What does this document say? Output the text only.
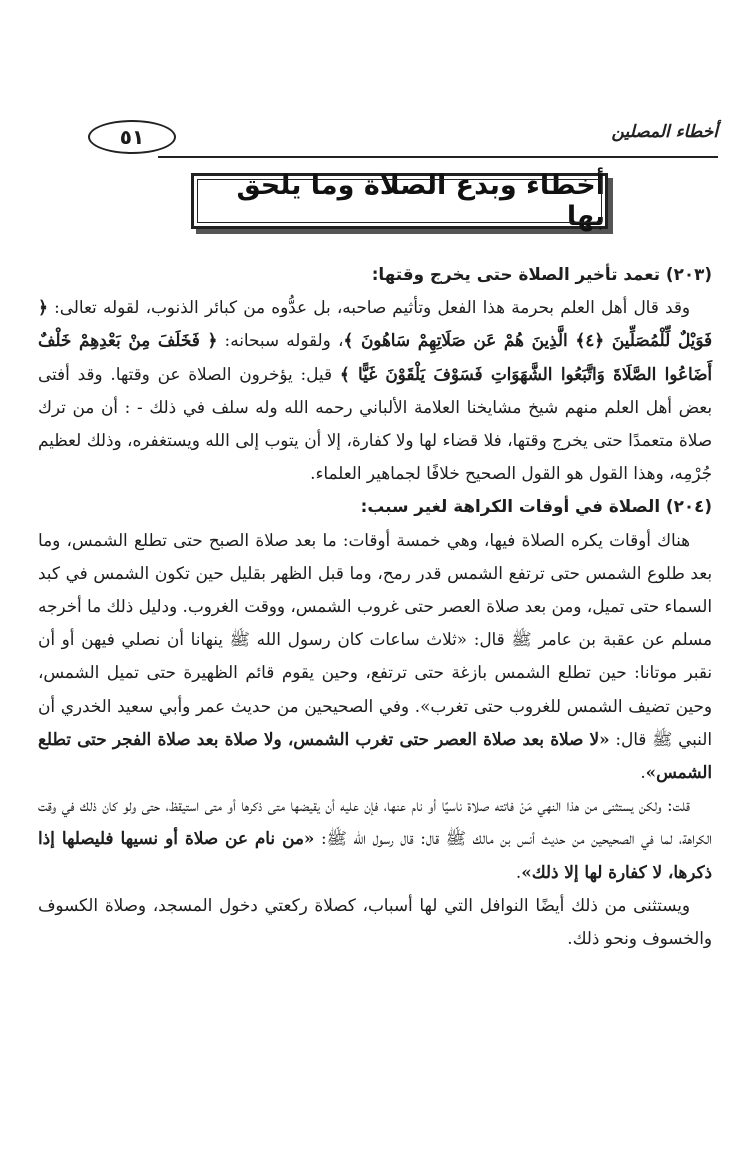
٥١	أخطاء المصلين
أخطاء وبدع الصلاة وما يلحق بها
(٢٠٣) تعمد تأخير الصلاة حتى يخرج وقتها:

وقد قال أهل العلم بحرمة هذا الفعل وتأثيم صاحبه، بل عدُّوه من كبائر الذنوب، لقوله تعالى: ﴿ فَوَيْلٌ لِّلْمُصَلِّينَ ﴿٤﴾ الَّذِينَ هُمْ عَن صَلَاتِهِمْ سَاهُونَ ﴾، ولقوله سبحانه: ﴿ فَخَلَفَ مِنْ بَعْدِهِمْ خَلْفٌ أَضَاعُوا الصَّلَاةَ وَاتَّبَعُوا الشَّهَوَاتِ فَسَوْفَ يَلْقَوْنَ غَيًّا ﴾ قيل: يؤخرون الصلاة عن وقتها. وقد أفتى بعض أهل العلم منهم شيخ مشايخنا العلامة الألباني رحمه الله وله سلف في ذلك - : أن من ترك صلاة متعمدًا حتى يخرج وقتها، فلا قضاء لها ولا كفارة، إلا أن يتوب إلى الله ويستغفره، وذلك لعظيم جُرْمِه، وهذا القول هو القول الصحيح خلافًا لجماهير العلماء.

(٢٠٤) الصلاة في أوقات الكراهة لغير سبب:

هناك أوقات يكره الصلاة فيها، وهي خمسة أوقات: ما بعد صلاة الصبح حتى تطلع الشمس، وما بعد طلوع الشمس حتى ترتفع الشمس قدر رمح، وما قبل الظهر بقليل حين تكون الشمس في كبد السماء حتى تميل، ومن بعد صلاة العصر حتى غروب الشمس، ووقت الغروب. ودليل ذلك ما أخرجه مسلم عن عقبة بن عامر ﷺ قال: «ثلاث ساعات كان رسول الله ﷺ ينهانا أن نصلي فيهن أو أن نقبر موتانا: حين تطلع الشمس بازغة حتى ترتفع، وحين يقوم قائم الظهيرة حتى تميل الشمس، وحين تضيف الشمس للغروب حتى تغرب». وفي الصحيحين من حديث عمر وأبي سعيد الخدري أن النبي ﷺ قال: «لا صلاة بعد صلاة العصر حتى تغرب الشمس، ولا صلاة بعد صلاة الفجر حتى تطلع الشمس».

قلت: ولكن يستثنى من هذا النهي مَنْ فاتته صلاة ناسيًا أو نام عنها، فإن عليه أن يقيضها متى ذكرها أو متى استيقظ، حتى ولو كان ذلك في وقت الكراهة، لما في الصحيحين من حديث أنس بن مالك ﷺ قال: قال رسول الله ﷺ: «من نام عن صلاة أو نسيها فليصلها إذا ذكرها، لا كفارة لها إلا ذلك».

ويستثنى من ذلك أيضًا النوافل التي لها أسباب، كصلاة ركعتي دخول المسجد، وصلاة الكسوف والخسوف ونحو ذلك.
